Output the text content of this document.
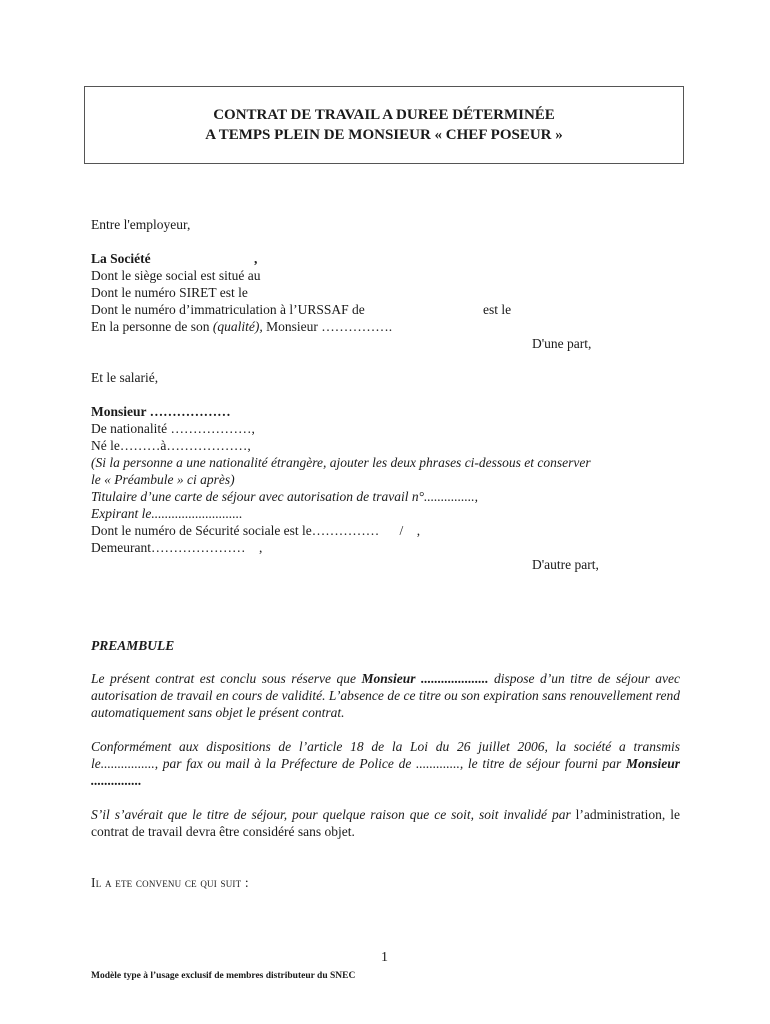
CONTRAT DE TRAVAIL A DUREE DÉTERMINÉE
A TEMPS PLEIN DE MONSIEUR « CHEF POSEUR »
Entre l'employeur,
La Société	,
Dont le siège social est situé au
Dont le numéro SIRET est le
Dont le numéro d’immatriculation à l’URSSAF de	est le
En la personne de son (qualité), Monsieur …………….
D'une part,
Et le salarié,
Monsieur ………………
De nationalité ………………,
Né le………à………………,
(Si la personne a une nationalité étrangère, ajouter les deux phrases ci-dessous et conserver
le « Préambule » ci après)
Titulaire d’une carte de séjour avec autorisation de travail n°...............,
Expirant le...........................
Dont le numéro de Sécurité sociale est le……………      /    ,
Demeurant…………………    ,
D'autre part,
PREAMBULE
Le présent contrat est conclu sous réserve que Monsieur .................... dispose d’un titre de séjour avec autorisation de travail en cours de validité. L’absence de ce titre ou son expiration sans renouvellement rend automatiquement sans objet le présent contrat.
Conformément aux dispositions de l’article 18 de la Loi du 26 juillet 2006, la société a transmis le................, par fax ou mail à la Préfecture de Police de ............., le titre de séjour fourni par Monsieur ...............
S’il s’avérait que le titre de séjour, pour quelque raison que ce soit, soit invalidé par l’administration, le contrat de travail devra être considéré sans objet.
Il a ete convenu ce qui suit :
1
Modèle type à l’usage exclusif de membres distributeur du SNEC
